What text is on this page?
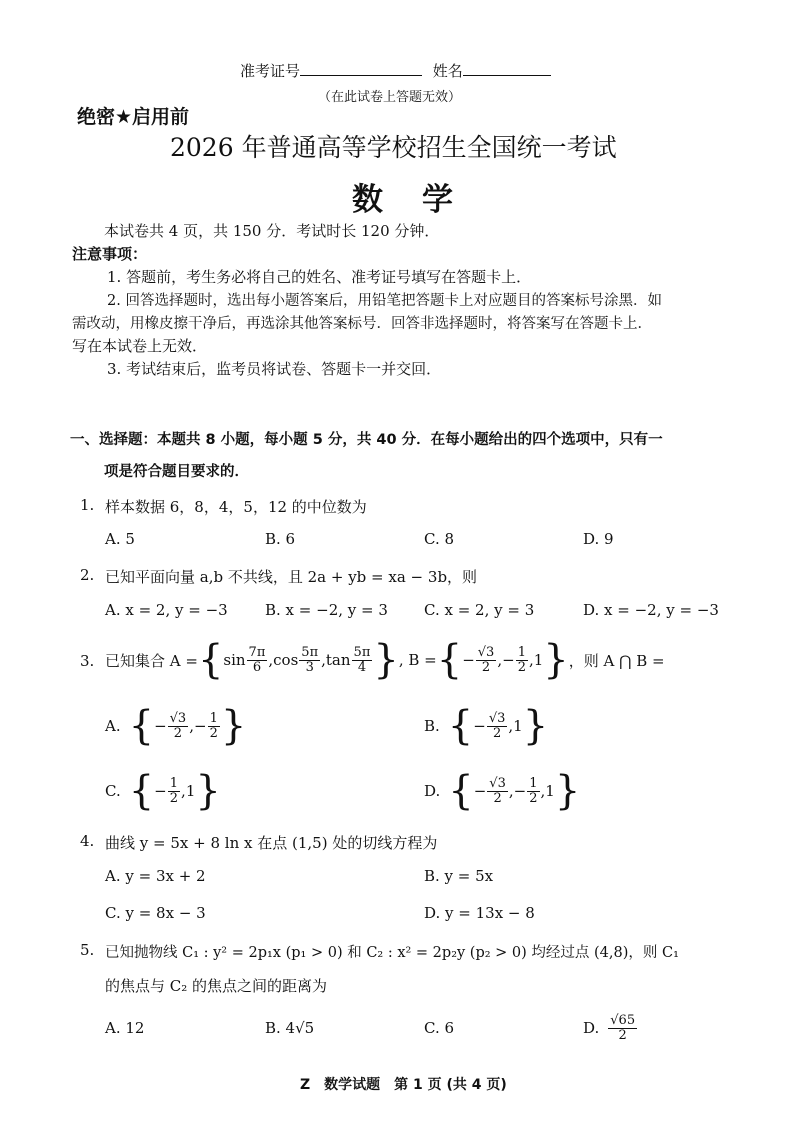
准考证号	姓名
（在此试卷上答题无效）
绝密★启用前
2026 年普通高等学校招生全国统一考试
数　学
本试卷共 4 页，共 150 分．考试时长 120 分钟．
注意事项：
1. 答题前，考生务必将自己的姓名、准考证号填写在答题卡上．
2. 回答选择题时，选出每小题答案后，用铅笔把答题卡上对应题目的答案标号涂黑．如
需改动，用橡皮擦干净后，再选涂其他答案标号．回答非选择题时，将答案写在答题卡上．
写在本试卷上无效．
3. 考试结束后，监考员将试卷、答题卡一并交回．
一、选择题：本题共 8 小题，每小题 5 分，共 40 分．在每小题给出的四个选项中，只有一
项是符合题目要求的．
1. 样本数据 6，8，4，5，12 的中位数为
A. 5	B. 6	C. 8	D. 9
2. 已知平面向量 a,b 不共线，且 2a + yb = xa − 3b，则
A. x = 2, y = −3 B. x = −2, y = 3 C. x = 2, y = 3	D. x = −2, y = −3
3. 已知集合 A = { $\sin \frac{7\pi}{6}$ , $\cos \frac{5\pi}{3}$ , $\tan \frac{5\pi}{4}$ } , B = { − $\frac{√3}{2}$ , − $\frac{1}{2}$ , 1 } ，则 A ⋂ B =
A. { − $\frac{√3}{2}$ , − $\frac{1}{2}$ }	B. { − $\frac{√3}{2}$ , 1 }
C. { − $\frac{1}{2}$ , 1 }	D. { − $\frac{√3}{2}$ , − $\frac{1}{2}$ , 1 }
4. 曲线 y = 5x + 8 ln x 在点 (1,5) 处的切线方程为
A. y = 3x + 2	B. y = 5x
C. y = 8x − 3	D. y = 13x − 8
5. 已知抛物线 C₁ : y² = 2p₁x (p₁ > 0) 和 C₂ : x² = 2p₂y (p₂ > 0) 均经过点 (4,8)，则 C₁
的焦点与 C₂ 的焦点之间的距离为
A. 12	B. 4√5	C. 6	D. $\frac{√65}{2}$
Z　数学试题　第 1 页 (共 4 页)
